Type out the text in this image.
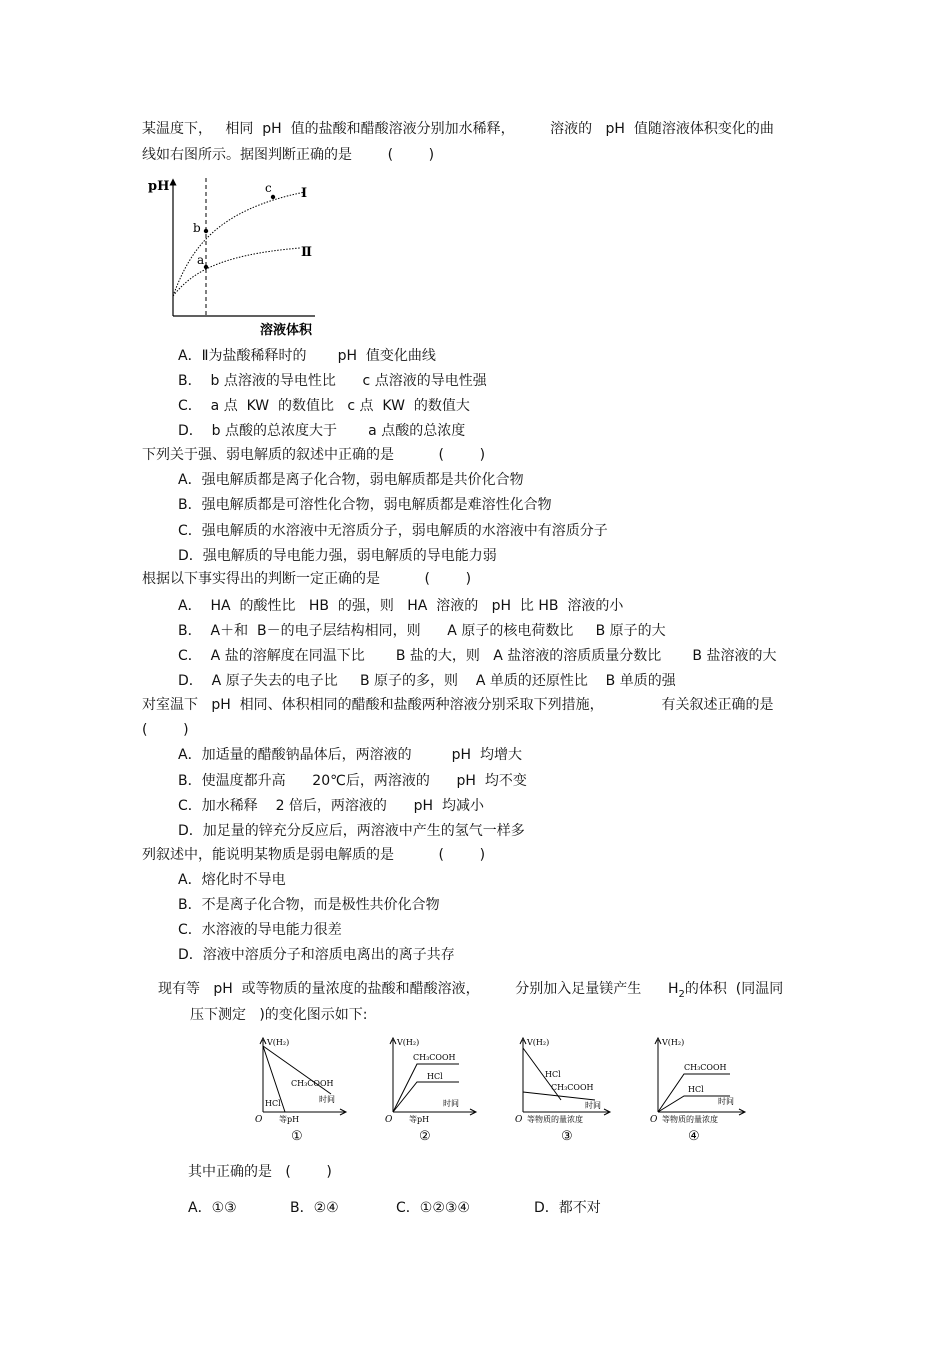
某温度下，   相同  pH  值的盐酸和醋酸溶液分别加水稀释，        溶液的   pH  值随溶液体积变化的曲
线如右图所示。据图判断正确的是        (        )
pH
b
a
c Ⅰ
Ⅱ
溶液体积
A．Ⅱ为盐酸稀释时的       pH  值变化曲线
B．  b 点溶液的导电性比      c 点溶液的导电性强
C．  a 点  KW  的数值比   c 点  KW  的数值大
D．  b 点酸的总浓度大于       a 点酸的总浓度
下列关于强、弱电解质的叙述中正确的是          (        )
A．强电解质都是离子化合物，弱电解质都是共价化合物
B．强电解质都是可溶性化合物，弱电解质都是难溶性化合物
C．强电解质的水溶液中无溶质分子，弱电解质的水溶液中有溶质分子
D．强电解质的导电能力强，弱电解质的导电能力弱
根据以下事实得出的判断一定正确的是          (        )
A．  HA  的酸性比   HB  的强，则   HA  溶液的   pH  比 HB  溶液的小
B．  A＋和  B－的电子层结构相同，则      A 原子的核电荷数比     B 原子的大
C．  A 盐的溶解度在同温下比       B 盐的大，则   A 盐溶液的溶质质量分数比       B 盐溶液的大
D．  A 原子失去的电子比     B 原子的多，则    A 单质的还原性比    B 单质的强
对室温下   pH  相同、体积相同的醋酸和盐酸两种溶液分别采取下列措施，             有关叙述正确的是
(        )
A．加适量的醋酸钠晶体后，两溶液的         pH  均增大
B．使温度都升高      20℃后，两溶液的      pH  均不变
C．加水稀释    2 倍后，两溶液的      pH  均减小
D．加足量的锌充分反应后，两溶液中产生的氢气一样多
列叙述中，能说明某物质是弱电解质的是          (        )
A．熔化时不导电
B．不是离子化合物，而是极性共价化合物
C．水溶液的导电能力很差
D．溶液中溶质分子和溶质电离出的离子共存
现有等   pH  或等物质的量浓度的盐酸和醋酸溶液，        分别加入足量镁产生      $H_2$的体积  (同温同
压下测定   )的变化图示如下:
V(H₂)
CH₃COOH
HCl	时间
O 等pH
①
V(H₂)
CH₃COOH
HCl
时间
O 等pH
②
V(H₂)
HCl
CH₃COOH
时间
O 等物质的量浓度
③
V(H₂)
CH₃COOH
HCl
时间
O 等物质的量浓度
④
其中正确的是   (        )
A．①③	B．②④	C．①②③④	D．都不对
